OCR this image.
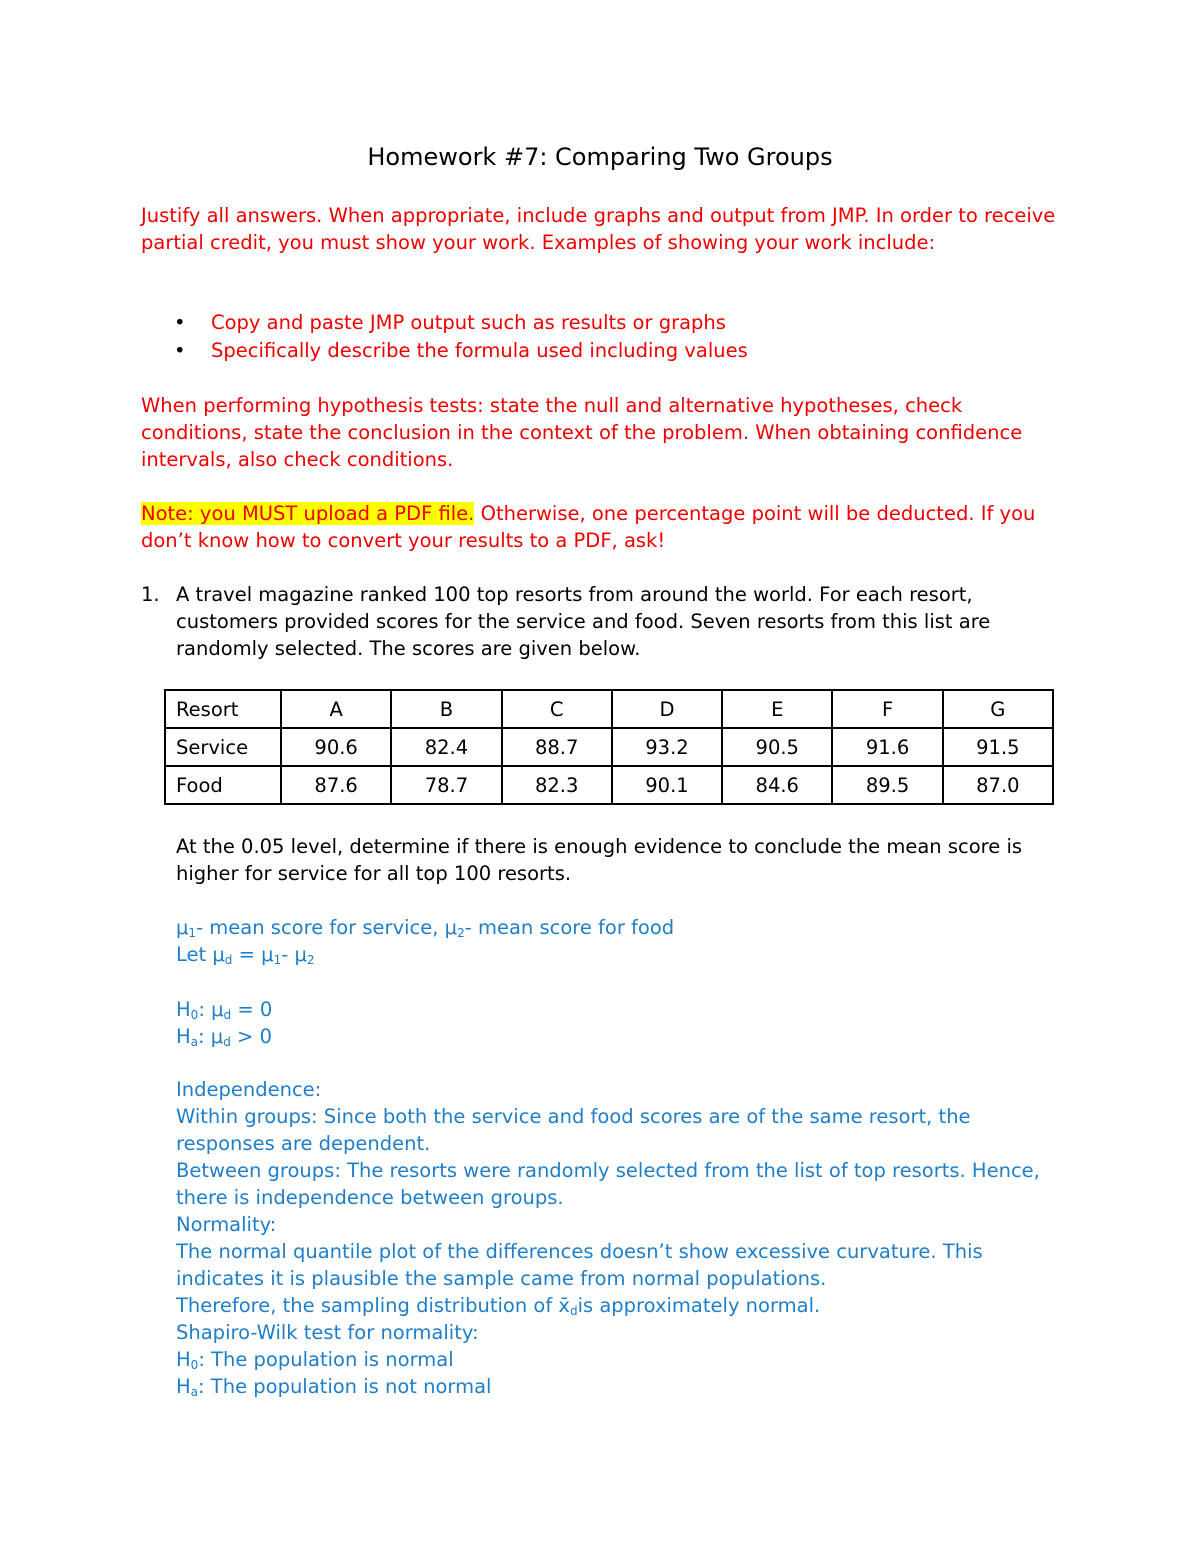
Homework #7: Comparing Two Groups
Justify all answers. When appropriate, include graphs and output from JMP. In order to receive partial credit, you must show your work. Examples of showing your work include:
• Copy and paste JMP output such as results or graphs
• Specifically describe the formula used including values
When performing hypothesis tests: state the null and alternative hypotheses, check conditions, state the conclusion in the context of the problem. When obtaining confidence intervals, also check conditions.
Note: you MUST upload a PDF file. Otherwise, one percentage point will be deducted. If you don’t know how to convert your results to a PDF, ask!
1. A travel magazine ranked 100 top resorts from around the world. For each resort, customers provided scores for the service and food. Seven resorts from this list are randomly selected. The scores are given below.
Resort	A	B	C	D	E	F	G
Service	90.6	82.4	88.7	93.2	90.5	91.6	91.5
Food	87.6	78.7	82.3	90.1	84.6	89.5	87.0
At the 0.05 level, determine if there is enough evidence to conclude the mean score is higher for service for all top 100 resorts.
$\mu_1-$ mean score for service, $\mu_2-$ mean score for food
Let $\mu_d = \mu_1-$ $\mu_2$
$H_0$: $\mu_d = 0$
$H_a$: $\mu_d > 0$
Independence:
Within groups: Since both the service and food scores are of the same resort, the responses are dependent.
Between groups: The resorts were randomly selected from the list of top resorts. Hence, there is independence between groups.
Normality:
The normal quantile plot of the differences doesn’t show excessive curvature. This indicates it is plausible the sample came from normal populations.
Therefore, the sampling distribution of $x̄_dis$ approximately normal.
Shapiro-Wilk test for normality:
$H_0$: The population is normal
$H_a$: The population is not normal
